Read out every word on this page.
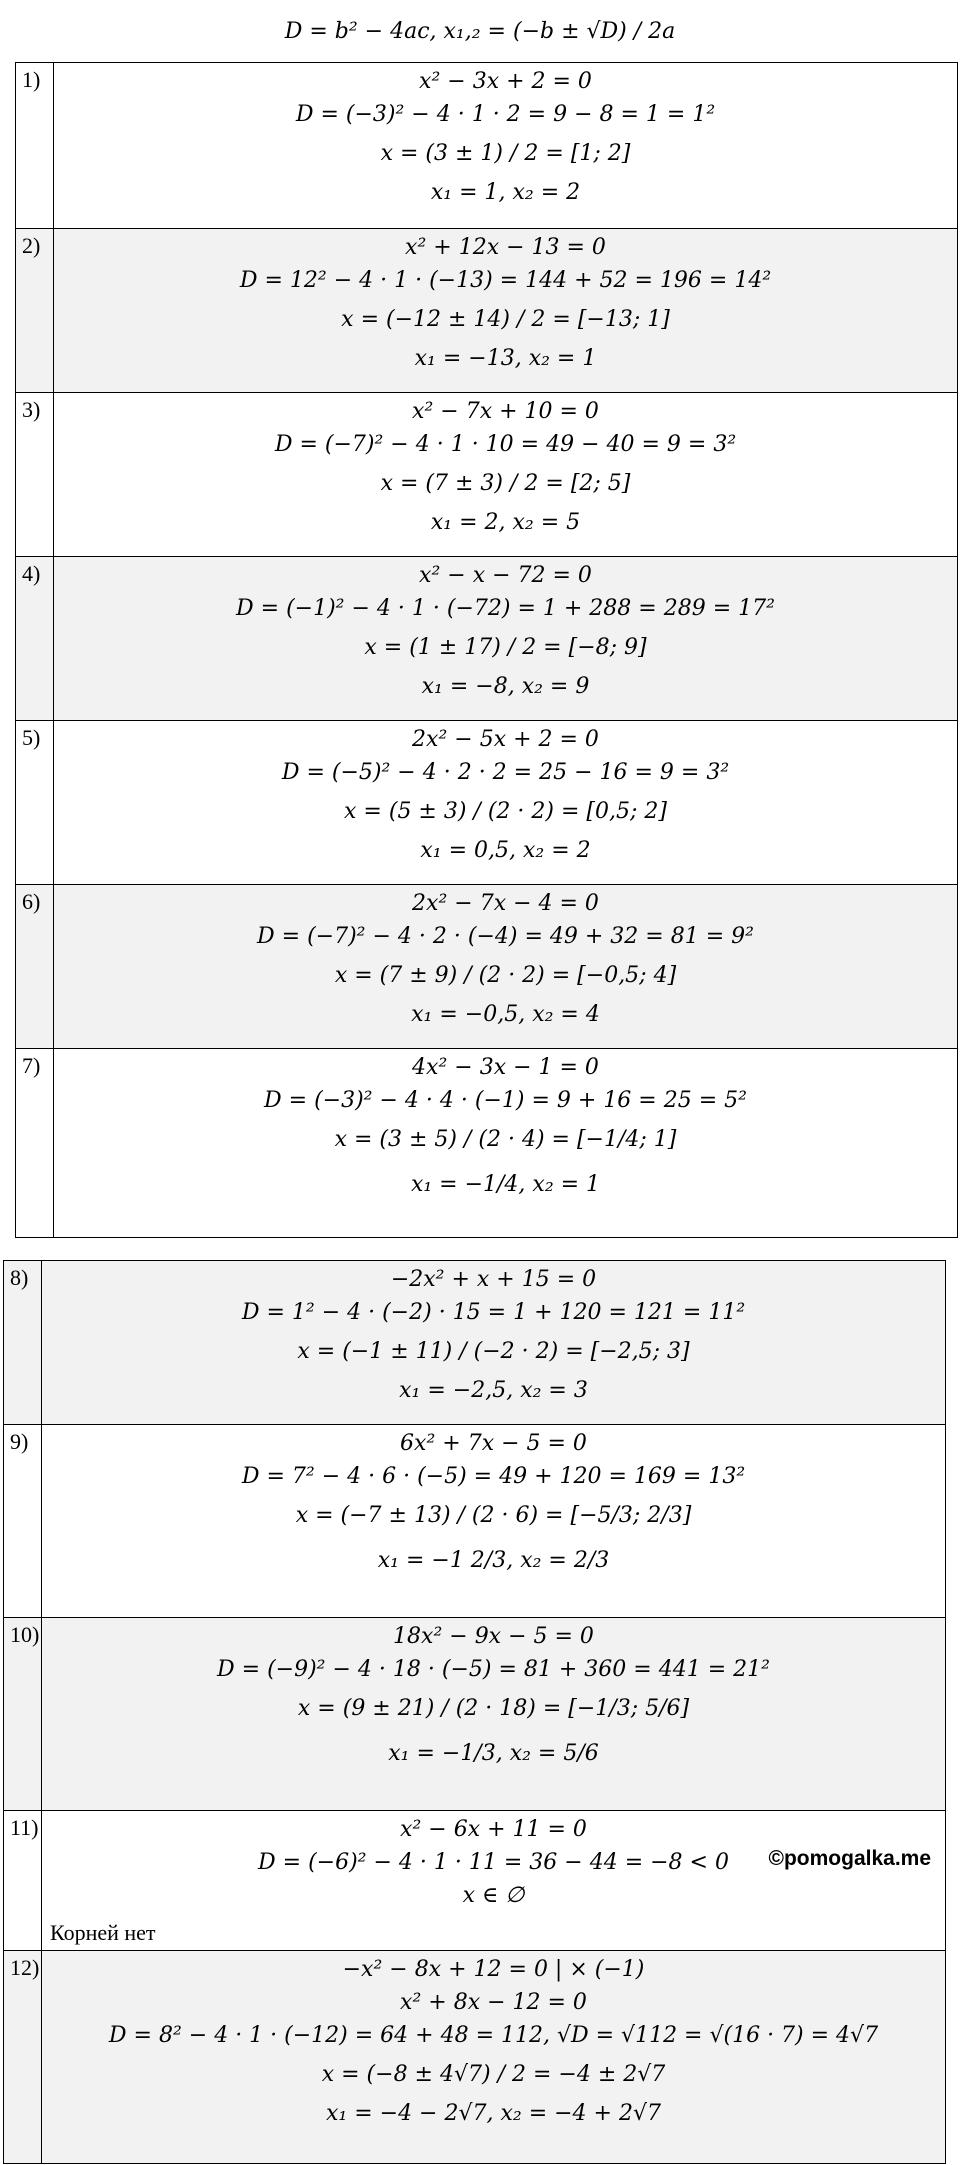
D = b² − 4ac, x₁,₂ = (−b ± √D) / 2a
1)	x² − 3x + 2 = 0
D = (−3)² − 4 · 1 · 2 = 9 − 8 = 1 = 1²
x = (3 ± 1) / 2 = [1; 2]
x₁ = 1, x₂ = 2

2)	x² + 12x − 13 = 0
D = 12² − 4 · 1 · (−13) = 144 + 52 = 196 = 14²
x = (−12 ± 14) / 2 = [−13; 1]
x₁ = −13, x₂ = 1

3)	x² − 7x + 10 = 0
D = (−7)² − 4 · 1 · 10 = 49 − 40 = 9 = 3²
x = (7 ± 3) / 2 = [2; 5]
x₁ = 2, x₂ = 5

4)	x² − x − 72 = 0
D = (−1)² − 4 · 1 · (−72) = 1 + 288 = 289 = 17²
x = (1 ± 17) / 2 = [−8; 9]
x₁ = −8, x₂ = 9

5)	2x² − 5x + 2 = 0
D = (−5)² − 4 · 2 · 2 = 25 − 16 = 9 = 3²
x = (5 ± 3) / (2 · 2) = [0,5; 2]
x₁ = 0,5, x₂ = 2

6)	2x² − 7x − 4 = 0
D = (−7)² − 4 · 2 · (−4) = 49 + 32 = 81 = 9²
x = (7 ± 9) / (2 · 2) = [−0,5; 4]
x₁ = −0,5, x₂ = 4

7)	4x² − 3x − 1 = 0
D = (−3)² − 4 · 4 · (−1) = 9 + 16 = 25 = 5²
x = (3 ± 5) / (2 · 4) = [−1/4; 1]
x₁ = −1/4, x₂ = 1
8)	−2x² + x + 15 = 0
D = 1² − 4 · (−2) · 15 = 1 + 120 = 121 = 11²
x = (−1 ± 11) / (−2 · 2) = [−2,5; 3]
x₁ = −2,5, x₂ = 3

9)	6x² + 7x − 5 = 0
D = 7² − 4 · 6 · (−5) = 49 + 120 = 169 = 13²
x = (−7 ± 13) / (2 · 6) = [−5/3; 2/3]
x₁ = −1 2/3, x₂ = 2/3

10)	18x² − 9x − 5 = 0
D = (−9)² − 4 · 18 · (−5) = 81 + 360 = 441 = 21²
x = (9 ± 21) / (2 · 18) = [−1/3; 5/6]
x₁ = −1/3, x₂ = 5/6

11)	x² − 6x + 11 = 0
D = (−6)² − 4 · 1 · 11 = 36 − 44 = −8 < 0
x ∈ ∅
©pomogalka.me
Корней нет

12)	−x² − 8x + 12 = 0 | × (−1)
x² + 8x − 12 = 0
D = 8² − 4 · 1 · (−12) = 64 + 48 = 112, √D = √112 = √(16 · 7) = 4√7
x = (−8 ± 4√7) / 2 = −4 ± 2√7
x₁ = −4 − 2√7, x₂ = −4 + 2√7
